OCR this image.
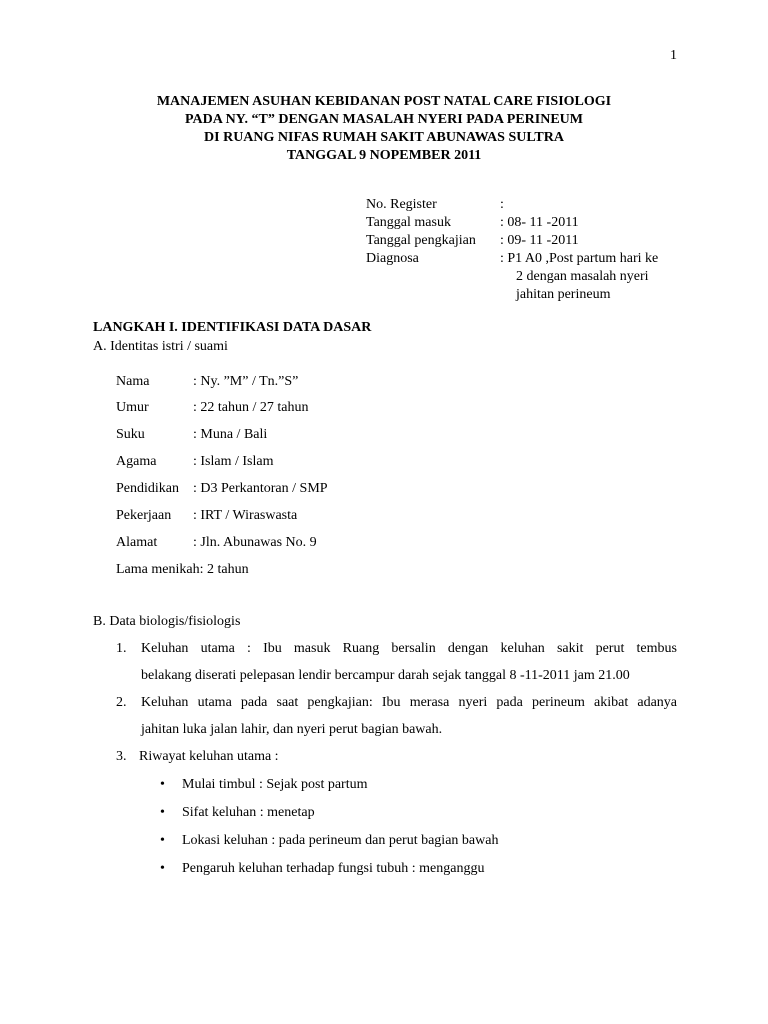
1
MANAJEMEN ASUHAN KEBIDANAN POST NATAL CARE FISIOLOGI
PADA NY. “T” DENGAN MASALAH NYERI PADA PERINEUM
DI RUANG NIFAS RUMAH SAKIT ABUNAWAS SULTRA
TANGGAL 9 NOPEMBER 2011
No. Register	:
Tanggal masuk	: 08- 11 -2011
Tanggal pengkajian : 09- 11 -2011
Diagnosa	: P1 A0 ,Post partum hari ke
2 dengan masalah nyeri
jahitan perineum
LANGKAH I. IDENTIFIKASI DATA DASAR
A. Identitas istri / suami
Nama	: Ny. ”M” / Tn.”S”
Umur	: 22 tahun / 27 tahun
Suku	: Muna / Bali
Agama	: Islam / Islam
Pendidikan : D3 Perkantoran / SMP
Pekerjaan : IRT / Wiraswasta
Alamat	: Jln. Abunawas No. 9
Lama menikah: 2 tahun
B. Data biologis/fisiologis
1. Keluhan utama : Ibu masuk Ruang bersalin dengan keluhan sakit perut tembus
belakang diserati pelepasan lendir bercampur darah sejak tanggal 8 -11-2011 jam 21.00
2. Keluhan utama pada saat pengkajian: Ibu merasa nyeri pada perineum akibat adanya
jahitan luka jalan lahir, dan nyeri perut bagian bawah.
3. Riwayat keluhan utama :
• Mulai timbul : Sejak post partum
• Sifat keluhan : menetap
• Lokasi keluhan : pada perineum dan perut bagian bawah
• Pengaruh keluhan terhadap fungsi tubuh : menganggu
